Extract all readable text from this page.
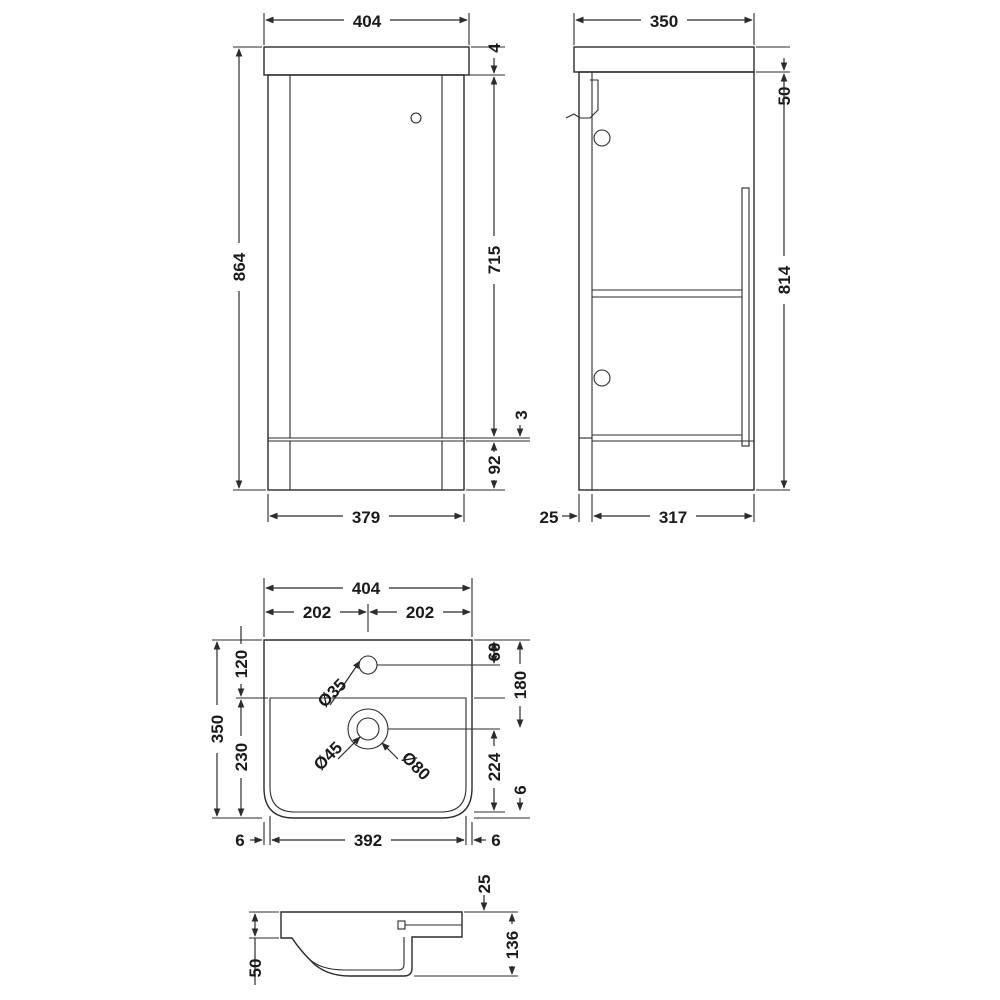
404
864
4
715
3
92
379
350
50
814
25	317
Ø35
Ø45	Ø80
404
202	202
350
120
230
60
180
224
6
6	392	6
25
136
50
